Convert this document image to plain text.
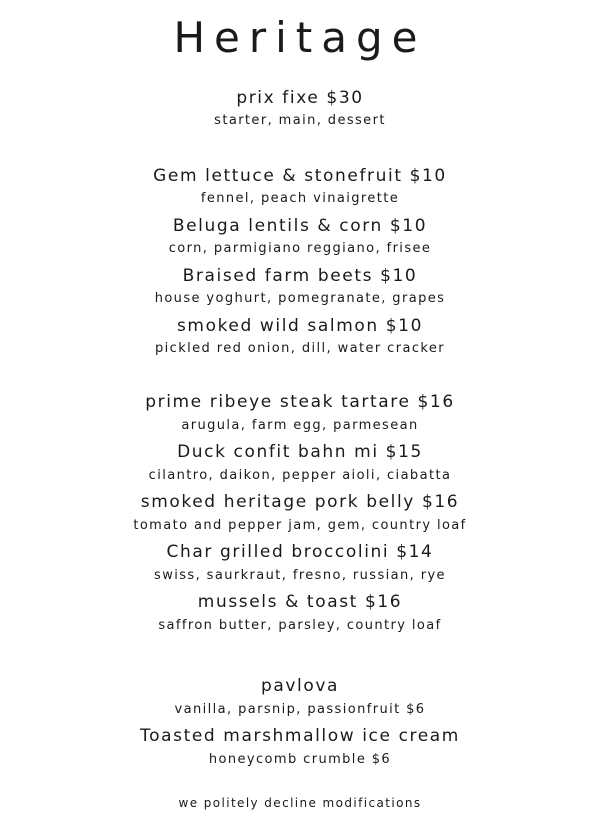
Heritage
prix fixe $30
starter, main, dessert
Gem lettuce & stonefruit $10
fennel, peach vinaigrette
Beluga lentils & corn $10
corn, parmigiano reggiano, frisee
Braised farm beets $10
house yoghurt, pomegranate, grapes
smoked wild salmon $10
pickled red onion, dill, water cracker
prime ribeye steak tartare $16
arugula, farm egg, parmesean
Duck confit bahn mi $15
cilantro, daikon, pepper aioli, ciabatta
smoked heritage pork belly $16
tomato and pepper jam, gem, country loaf
Char grilled broccolini $14
swiss, saurkraut, fresno, russian, rye
mussels & toast $16
saffron butter, parsley, country loaf
pavlova
vanilla, parsnip, passionfruit $6
Toasted marshmallow ice cream
honeycomb crumble $6
we politely decline modifications
